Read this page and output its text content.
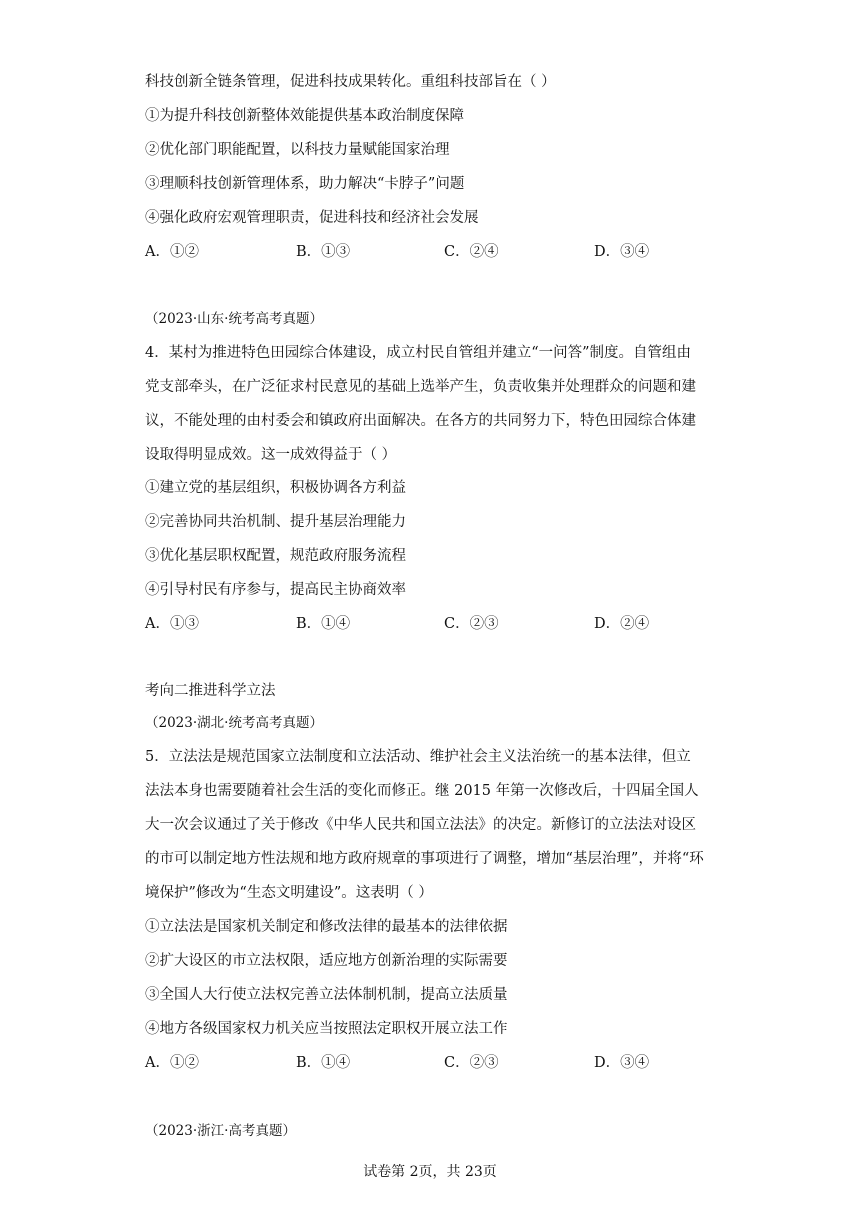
科技创新全链条管理，促进科技成果转化。重组科技部旨在（ ）
①为提升科技创新整体效能提供基本政治制度保障
②优化部门职能配置，以科技力量赋能国家治理
③理顺科技创新管理体系，助力解决“卡脖子”问题
④强化政府宏观管理职责，促进科技和经济社会发展
A．①②	B．①③	C．②④	D．③④
（2023·山东·统考高考真题）
4．某村为推进特色田园综合体建设，成立村民自管组并建立“一问答”制度。自管组由
党支部牵头，在广泛征求村民意见的基础上选举产生，负责收集并处理群众的问题和建
议，不能处理的由村委会和镇政府出面解决。在各方的共同努力下，特色田园综合体建
设取得明显成效。这一成效得益于（ ）
①建立党的基层组织，积极协调各方利益
②完善协同共治机制、提升基层治理能力
③优化基层职权配置，规范政府服务流程
④引导村民有序参与，提高民主协商效率
A．①③	B．①④	C．②③	D．②④
考向二推进科学立法
（2023·湖北·统考高考真题）
5．立法法是规范国家立法制度和立法活动、维护社会主义法治统一的基本法律，但立
法法本身也需要随着社会生活的变化而修正。继 2015 年第一次修改后，十四届全国人
大一次会议通过了关于修改《中华人民共和国立法法》的决定。新修订的立法法对设区
的市可以制定地方性法规和地方政府规章的事项进行了调整，增加“基层治理”，并将“环
境保护”修改为“生态文明建设”。这表明（ ）
①立法法是国家机关制定和修改法律的最基本的法律依据
②扩大设区的市立法权限，适应地方创新治理的实际需要
③全国人大行使立法权完善立法体制机制，提高立法质量
④地方各级国家权力机关应当按照法定职权开展立法工作
A．①②	B．①④	C．②③	D．③④
（2023·浙江·高考真题）
试卷第 2页，共 23页
